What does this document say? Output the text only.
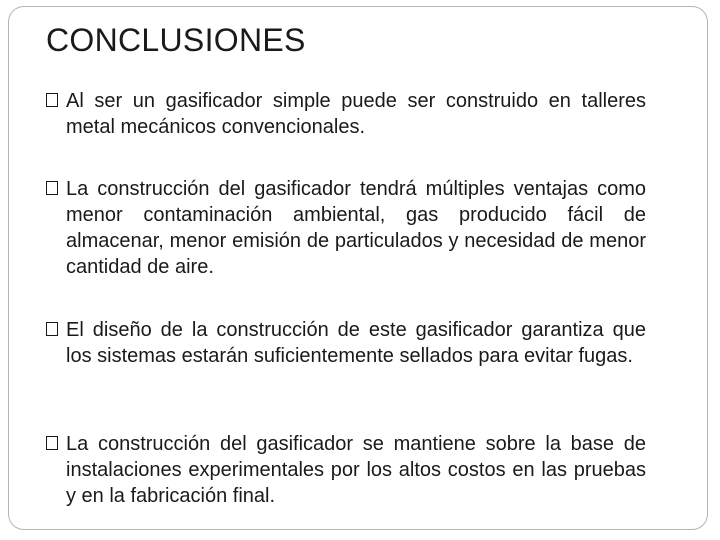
CONCLUSIONES
Al ser un gasificador simple puede ser construido en talleres metal mecánicos convencionales.
La construcción del gasificador tendrá múltiples ventajas como menor contaminación ambiental, gas producido fácil de almacenar, menor emisión de particulados y necesidad de menor cantidad de aire.
El diseño de la construcción de este gasificador garantiza que los sistemas estarán suficientemente sellados para evitar fugas.
La construcción del gasificador se mantiene sobre la base de instalaciones experimentales por los altos costos en las pruebas y en la fabricación final.
